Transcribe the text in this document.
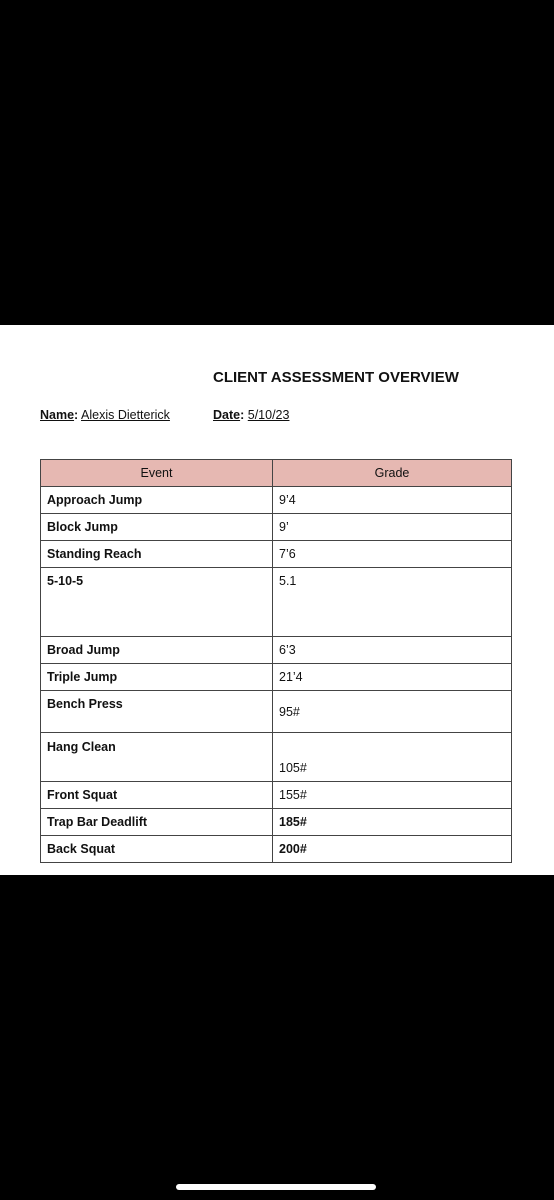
CLIENT ASSESSMENT OVERVIEW
Name: Alexis Dietterick	Date: 5/10/23
Event	Grade
Approach Jump	9’4
Block Jump	9’
Standing Reach	7’6
5-10-5	5.1
Broad Jump	6’3
Triple Jump	21’4
Bench Press	95#
Hang Clean	105#
Front Squat	155#
Trap Bar Deadlift	185#
Back Squat	200#
